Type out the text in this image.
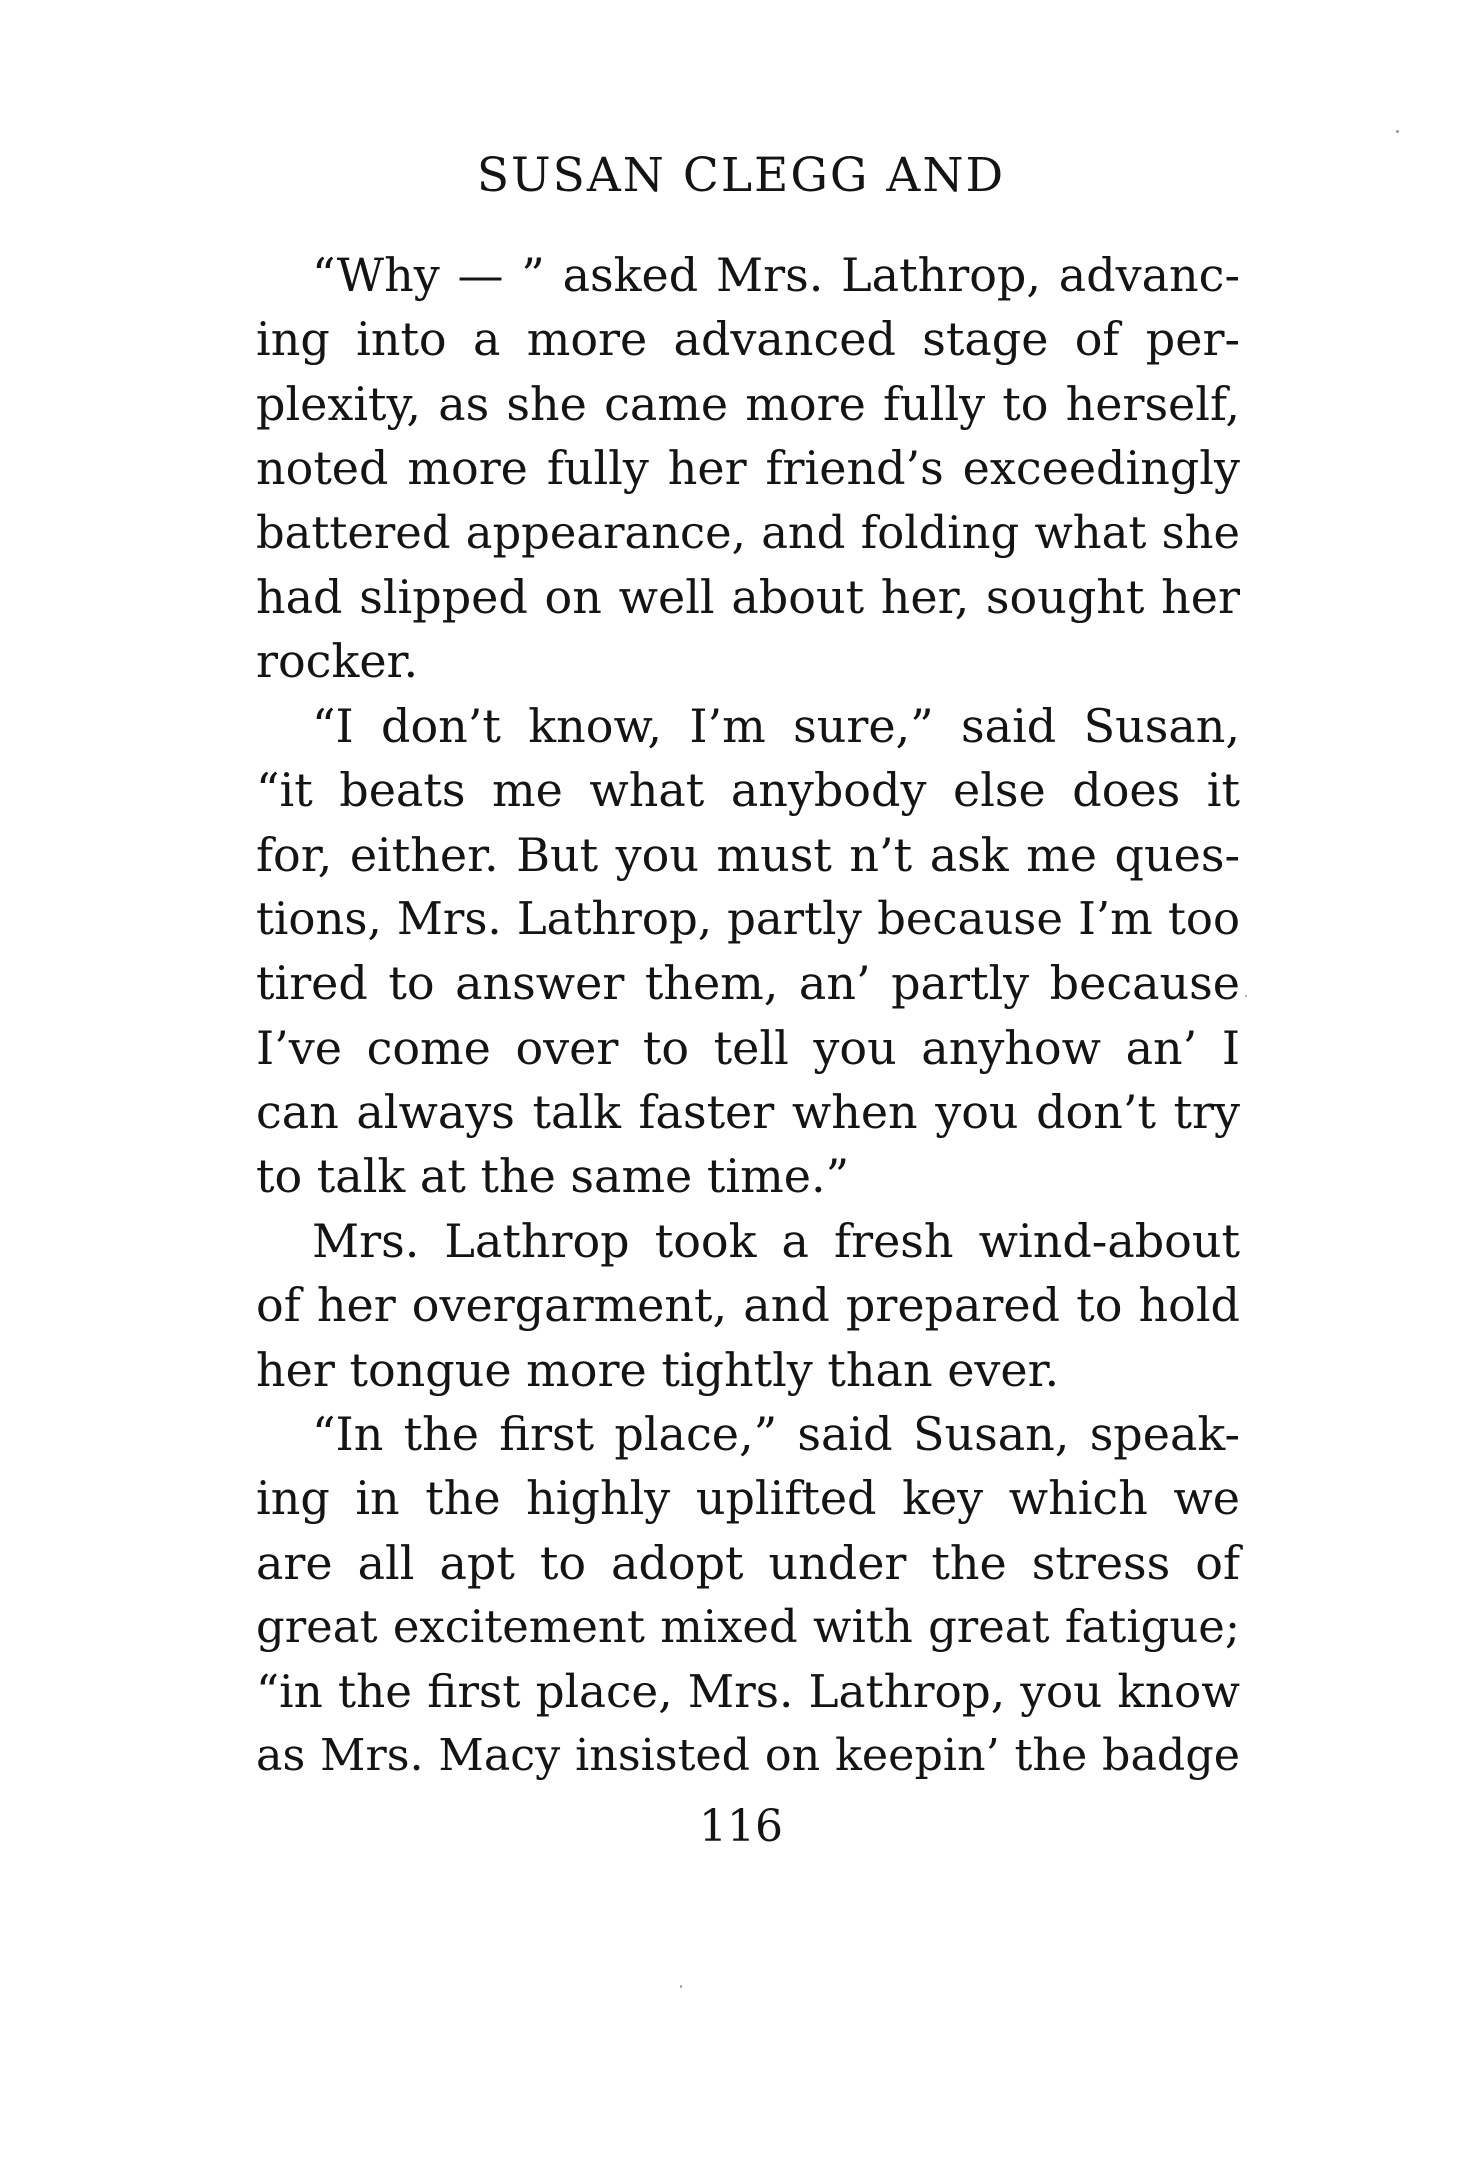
SUSAN CLEGG AND
“Why — ” asked Mrs. Lathrop, advanc-
ing into a more advanced stage of per-
plexity, as she came more fully to herself,
noted more fully her friend’s exceedingly
battered appearance, and folding what she
had slipped on well about her, sought her
rocker.
“I don’t know, I’m sure,” said Susan,
“it beats me what anybody else does it
for, either. But you must n’t ask me ques-
tions, Mrs. Lathrop, partly because I’m too
tired to answer them, an’ partly because
I’ve come over to tell you anyhow an’ I
can always talk faster when you don’t try
to talk at the same time.”
Mrs. Lathrop took a fresh wind-about
of her overgarment, and prepared to hold
her tongue more tightly than ever.
“In the first place,” said Susan, speak-
ing in the highly uplifted key which we
are all apt to adopt under the stress of
great excitement mixed with great fatigue;
“in the first place, Mrs. Lathrop, you know
as Mrs. Macy insisted on keepin’ the badge
116
